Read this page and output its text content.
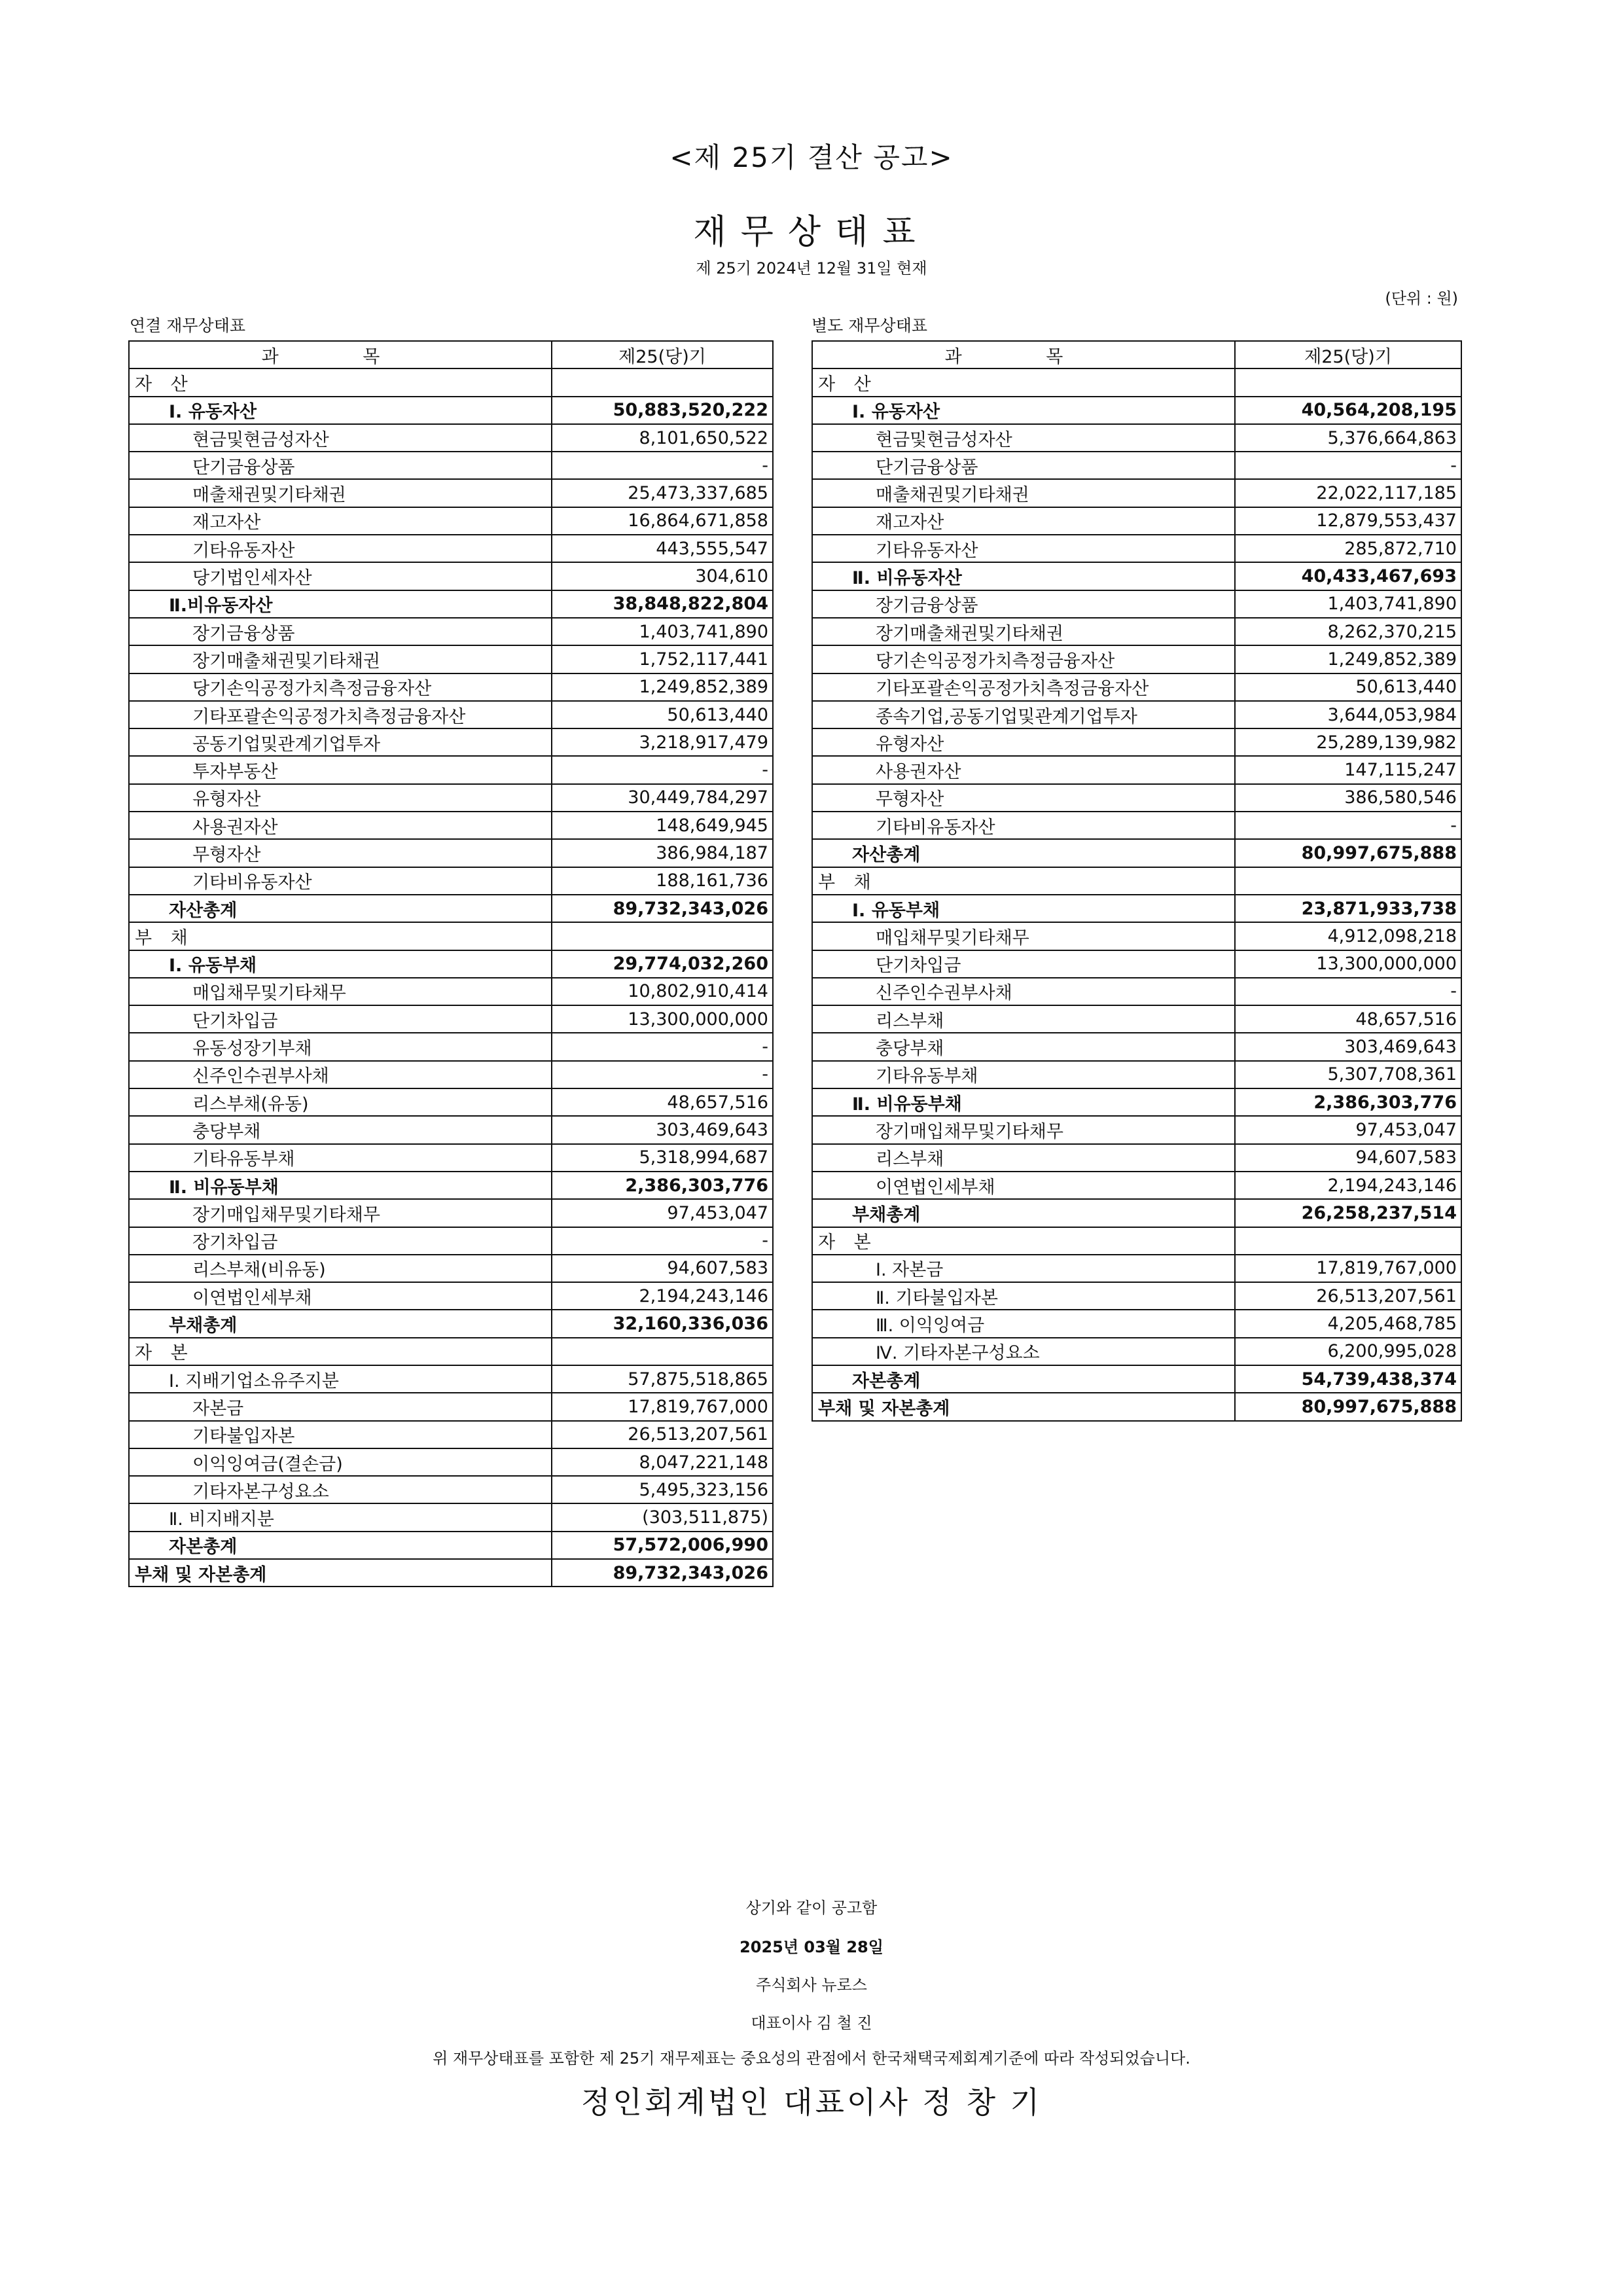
<제 25기 결산 공고>
재무상태표
제 25기 2024년 12월 31일 현재
(단위 : 원)
연결 재무상태표	별도 재무상태표
과 목	제25(당)기
자 산	
Ⅰ. 유동자산	50,883,520,222
현금및현금성자산	8,101,650,522
단기금융상품	-
매출채권및기타채권	25,473,337,685
재고자산	16,864,671,858
기타유동자산	443,555,547
당기법인세자산	304,610
Ⅱ.비유동자산	38,848,822,804
장기금융상품	1,403,741,890
장기매출채권및기타채권	1,752,117,441
당기손익공정가치측정금융자산	1,249,852,389
기타포괄손익공정가치측정금융자산	50,613,440
공동기업및관계기업투자	3,218,917,479
투자부동산	-
유형자산	30,449,784,297
사용권자산	148,649,945
무형자산	386,984,187
기타비유동자산	188,161,736
자산총계	89,732,343,026
부 채	
Ⅰ. 유동부채	29,774,032,260
매입채무및기타채무	10,802,910,414
단기차입금	13,300,000,000
유동성장기부채	-
신주인수권부사채	-
리스부채(유동)	48,657,516
충당부채	303,469,643
기타유동부채	5,318,994,687
Ⅱ. 비유동부채	2,386,303,776
장기매입채무및기타채무	97,453,047
장기차입금	-
리스부채(비유동)	94,607,583
이연법인세부채	2,194,243,146
부채총계	32,160,336,036
자 본	
Ⅰ. 지배기업소유주지분	57,875,518,865
자본금	17,819,767,000
기타불입자본	26,513,207,561
이익잉여금(결손금)	8,047,221,148
기타자본구성요소	5,495,323,156
Ⅱ. 비지배지분	(303,511,875)
자본총계	57,572,006,990
부채 및 자본총계	89,732,343,026
과 목	제25(당)기
자 산	
Ⅰ. 유동자산	40,564,208,195
현금및현금성자산	5,376,664,863
단기금융상품	-
매출채권및기타채권	22,022,117,185
재고자산	12,879,553,437
기타유동자산	285,872,710
Ⅱ. 비유동자산	40,433,467,693
장기금융상품	1,403,741,890
장기매출채권및기타채권	8,262,370,215
당기손익공정가치측정금융자산	1,249,852,389
기타포괄손익공정가치측정금융자산	50,613,440
종속기업,공동기업및관계기업투자	3,644,053,984
유형자산	25,289,139,982
사용권자산	147,115,247
무형자산	386,580,546
기타비유동자산	-
자산총계	80,997,675,888
부 채	
Ⅰ. 유동부채	23,871,933,738
매입채무및기타채무	4,912,098,218
단기차입금	13,300,000,000
신주인수권부사채	-
리스부채	48,657,516
충당부채	303,469,643
기타유동부채	5,307,708,361
Ⅱ. 비유동부채	2,386,303,776
장기매입채무및기타채무	97,453,047
리스부채	94,607,583
이연법인세부채	2,194,243,146
부채총계	26,258,237,514
자 본	
Ⅰ. 자본금	17,819,767,000
Ⅱ. 기타불입자본	26,513,207,561
Ⅲ. 이익잉여금	4,205,468,785
Ⅳ. 기타자본구성요소	6,200,995,028
자본총계	54,739,438,374
부채 및 자본총계	80,997,675,888
상기와 같이 공고함
2025년 03월 28일
주식회사 뉴로스
대표이사 김 철 진
위 재무상태표를 포함한 제 25기 재무제표는 중요성의 관점에서 한국채택국제회계기준에 따라 작성되었습니다.
정인회계법인 대표이사 정 창 기
